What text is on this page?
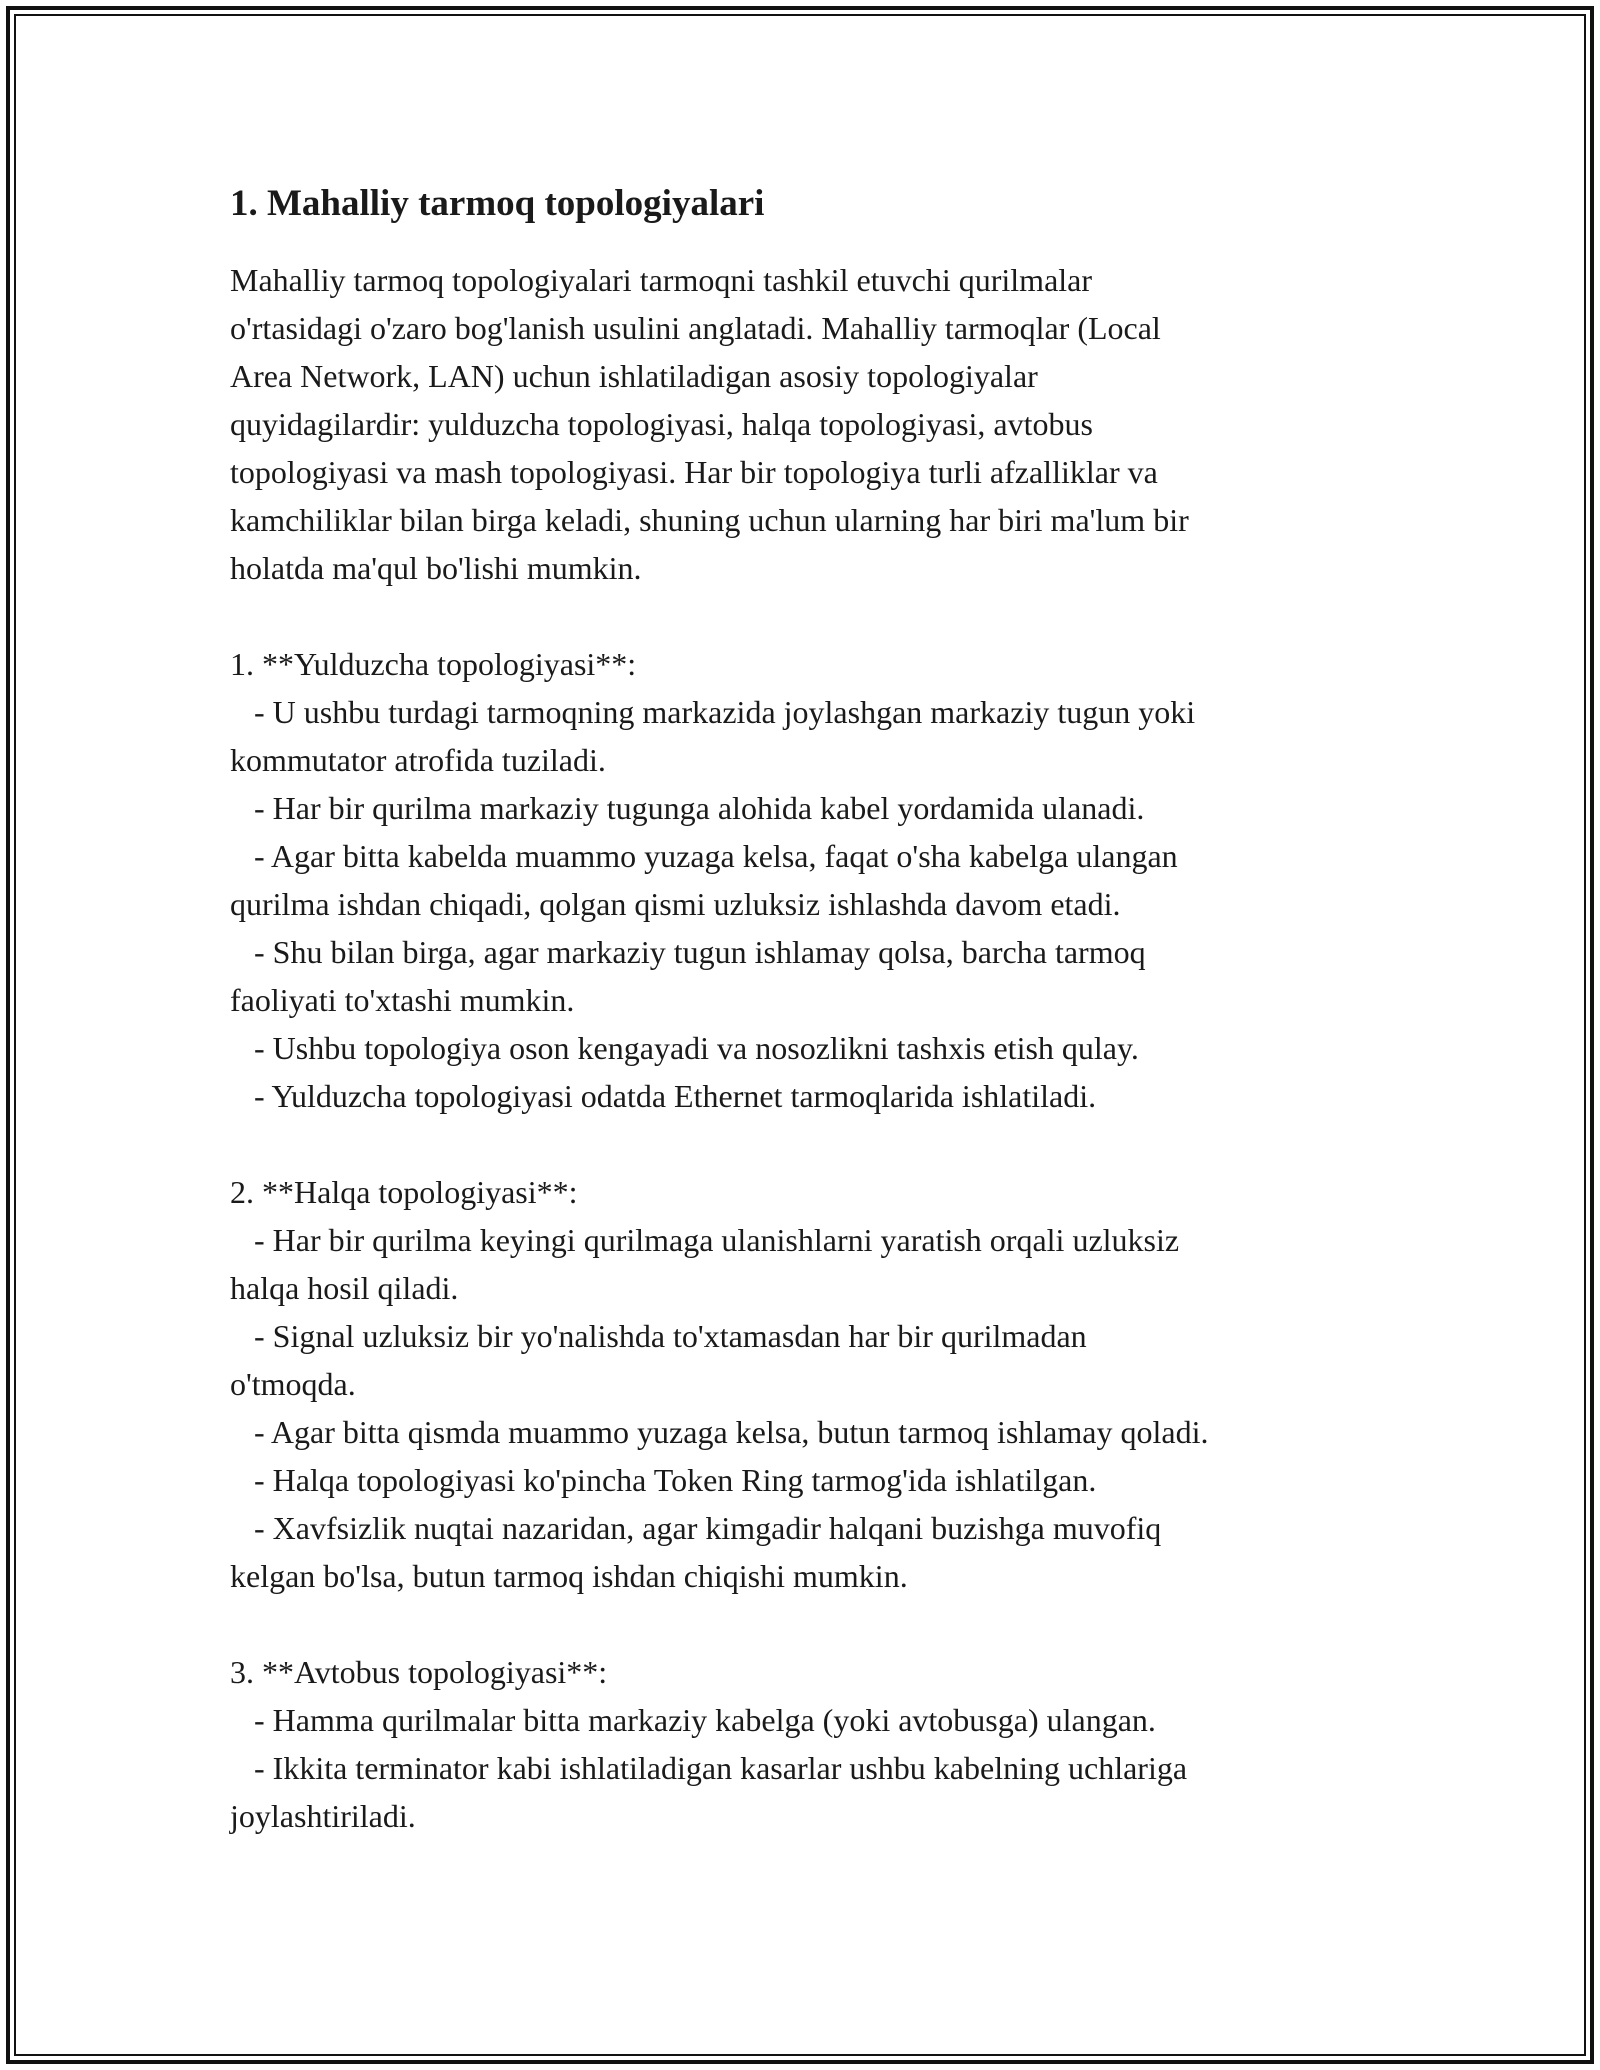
1. Mahalliy tarmoq topologiyalari

Mahalliy tarmoq topologiyalari tarmoqni tashkil etuvchi qurilmalar
o'rtasidagi o'zaro bog'lanish usulini anglatadi. Mahalliy tarmoqlar (Local
Area Network, LAN) uchun ishlatiladigan asosiy topologiyalar
quyidagilardir: yulduzcha topologiyasi, halqa topologiyasi, avtobus
topologiyasi va mash topologiyasi. Har bir topologiya turli afzalliklar va
kamchiliklar bilan birga keladi, shuning uchun ularning har biri ma'lum bir
holatda ma'qul bo'lishi mumkin.

1. **Yulduzcha topologiyasi**:

- U ushbu turdagi tarmoqning markazida joylashgan markaziy tugun yoki
kommutator atrofida tuziladi.
- Har bir qurilma markaziy tugunga alohida kabel yordamida ulanadi.
- Agar bitta kabelda muammo yuzaga kelsa, faqat o'sha kabelga ulangan
qurilma ishdan chiqadi, qolgan qismi uzluksiz ishlashda davom etadi.
- Shu bilan birga, agar markaziy tugun ishlamay qolsa, barcha tarmoq
faoliyati to'xtashi mumkin.
- Ushbu topologiya oson kengayadi va nosozlikni tashxis etish qulay.
- Yulduzcha topologiyasi odatda Ethernet tarmoqlarida ishlatiladi.

2. **Halqa topologiyasi**:

- Har bir qurilma keyingi qurilmaga ulanishlarni yaratish orqali uzluksiz
halqa hosil qiladi.
- Signal uzluksiz bir yo'nalishda to'xtamasdan har bir qurilmadan
o'tmoqda.
- Agar bitta qismda muammo yuzaga kelsa, butun tarmoq ishlamay qoladi.
- Halqa topologiyasi ko'pincha Token Ring tarmog'ida ishlatilgan.
- Xavfsizlik nuqtai nazaridan, agar kimgadir halqani buzishga muvofiq
kelgan bo'lsa, butun tarmoq ishdan chiqishi mumkin.

3. **Avtobus topologiyasi**:

- Hamma qurilmalar bitta markaziy kabelga (yoki avtobusga) ulangan.
- Ikkita terminator kabi ishlatiladigan kasarlar ushbu kabelning uchlariga
joylashtiriladi.
